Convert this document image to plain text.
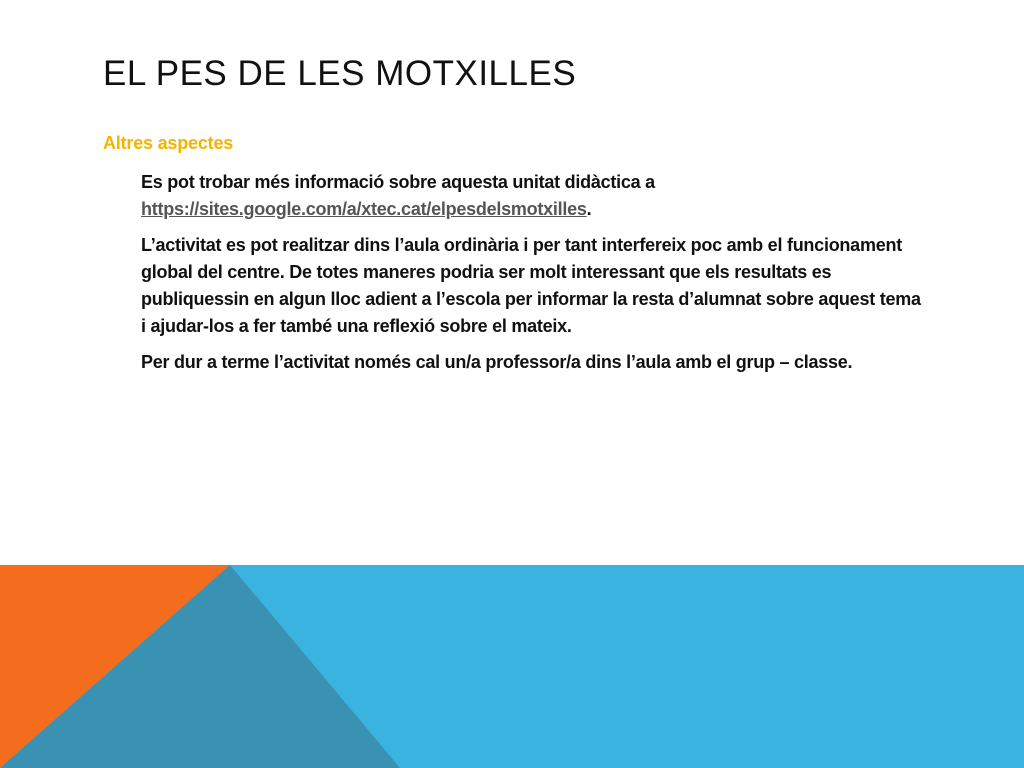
EL PES DE LES MOTXILLES

Altres aspectes

Es pot trobar més informació sobre aquesta unitat didàctica a https://sites.google.com/a/xtec.cat/elpesdelsmotxilles.

L’activitat es pot realitzar dins l’aula ordinària i per tant interfereix poc amb el funcionament global del centre. De totes maneres podria ser molt interessant que els resultats es publiquessin en algun lloc adient a l’escola per informar la resta d’alumnat sobre aquest tema i ajudar-los a fer també una reflexió sobre el mateix.

Per dur a terme l’activitat només cal un/a professor/a dins l’aula amb el grup – classe.
